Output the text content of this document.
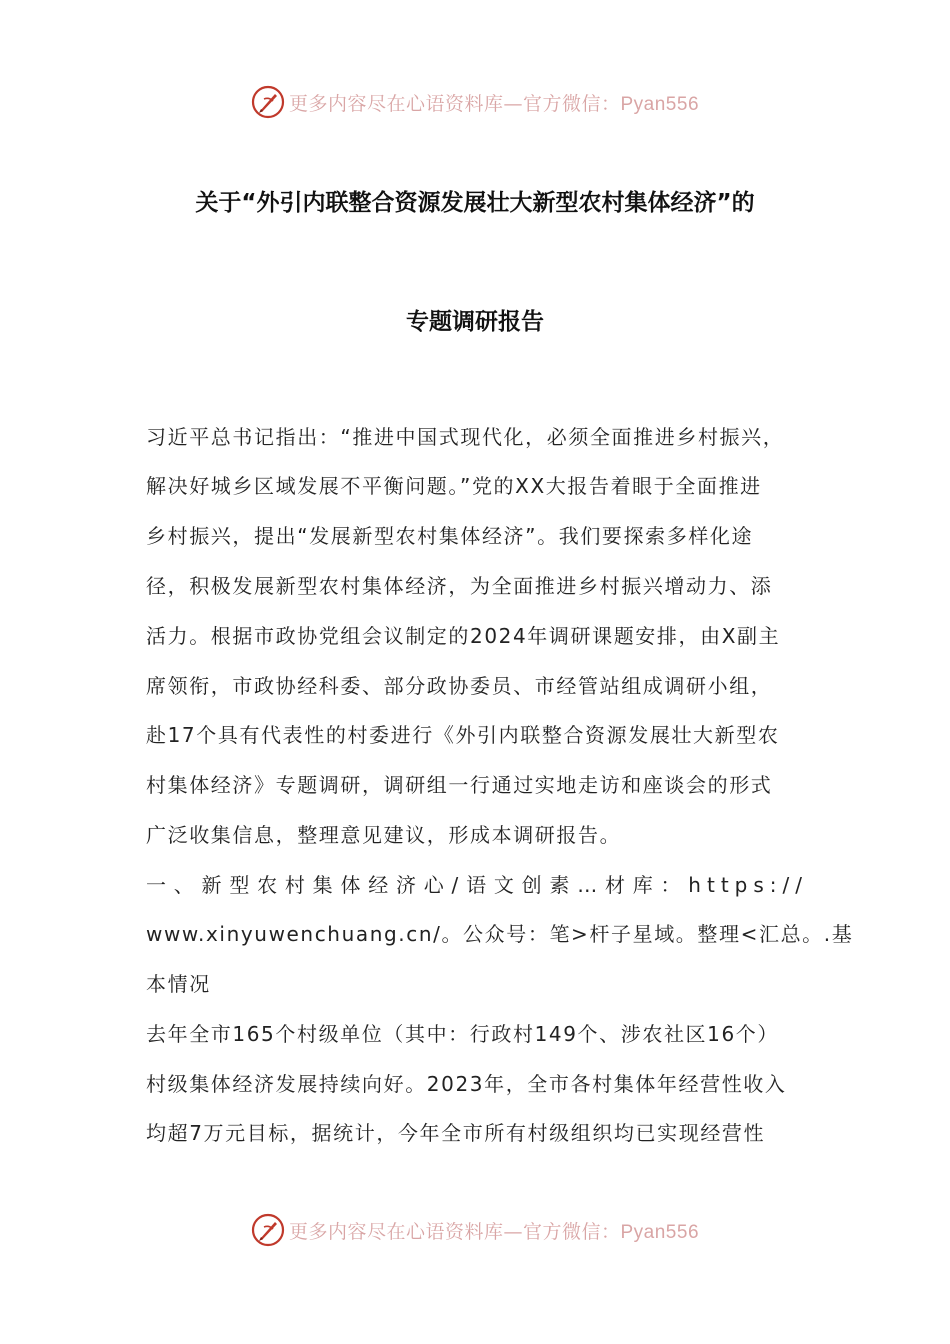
更多内容尽在心语资料库—官方微信：Pyan556
关于“外引内联整合资源发展壮大新型农村集体经济”的
专题调研报告
习近平总书记指出：“推进中国式现代化，必须全面推进乡村振兴，
解决好城乡区域发展不平衡问题。”党的XX大报告着眼于全面推进
乡村振兴，提出“发展新型农村集体经济”。我们要探索多样化途
径，积极发展新型农村集体经济，为全面推进乡村振兴增动力、添
活力。根据市政协党组会议制定的2024年调研课题安排，由X副主
席领衔，市政协经科委、部分政协委员、市经管站组成调研小组，
赴17个具有代表性的村委进行《外引内联整合资源发展壮大新型农
村集体经济》专题调研，调研组一行通过实地走访和座谈会的形式
广泛收集信息，整理意见建议，形成本调研报告。
一、新型农村集体经济心/语文创素…材库：https://
www.xinyuwenchuang.cn/。公众号：笔>杆子星域。整理<汇总。.基
本情况
去年全市165个村级单位（其中：行政村149个、涉农社区16个）
村级集体经济发展持续向好。2023年，全市各村集体年经营性收入
均超7万元目标，据统计，今年全市所有村级组织均已实现经营性
更多内容尽在心语资料库—官方微信：Pyan556
